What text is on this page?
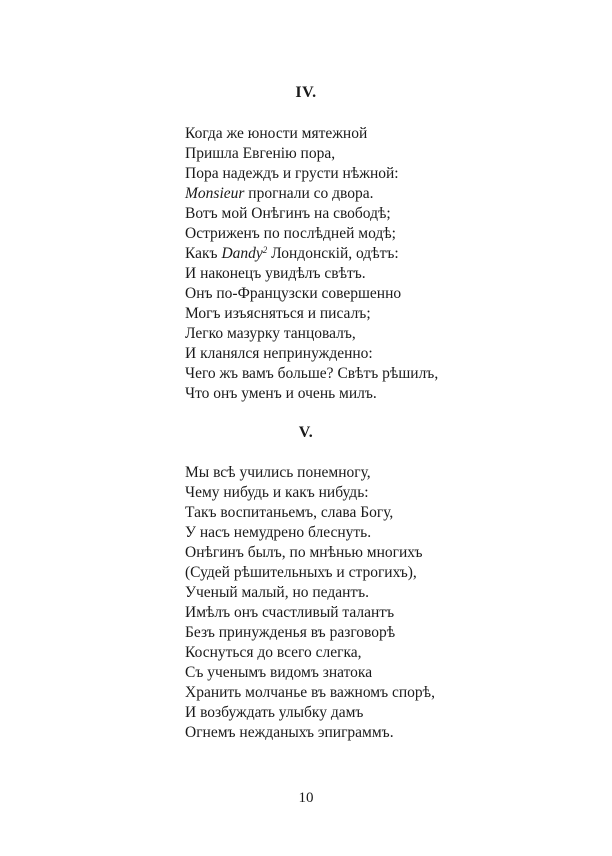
IV.
Когда же юности мятежной
Пришла Евгенію пора,
Пора надеждъ и грусти нѣжной:
Monsieur прогнали со двора.
Вотъ мой Онѣгинъ на свободѣ;
Остриженъ по послѣдней модѣ;
Какъ Dandy$^2$ Лондонскій, одѣтъ:
И наконецъ увидѣлъ свѣтъ.
Онъ по-Французски совершенно
Могъ изъясняться и писалъ;
Легко мазурку танцовалъ,
И кланялся непринужденно:
Чего жъ вамъ больше? Свѣтъ рѣшилъ,
Что онъ уменъ и очень милъ.
V.
Мы всѣ учились понемногу,
Чему нибудь и какъ нибудь:
Такъ воспитаньемъ, слава Богу,
У насъ немудрено блеснуть.
Онѣгинъ былъ, по мнѣнью многихъ
(Судей рѣшительныхъ и строгихъ),
Ученый малый, но педантъ.
Имѣлъ онъ счастливый талантъ
Безъ принужденья въ разговорѣ
Коснуться до всего слегка,
Съ ученымъ видомъ знатока
Хранить молчанье въ важномъ спорѣ,
И возбуждать улыбку дамъ
Огнемъ нежданыхъ эпиграммъ.
10
